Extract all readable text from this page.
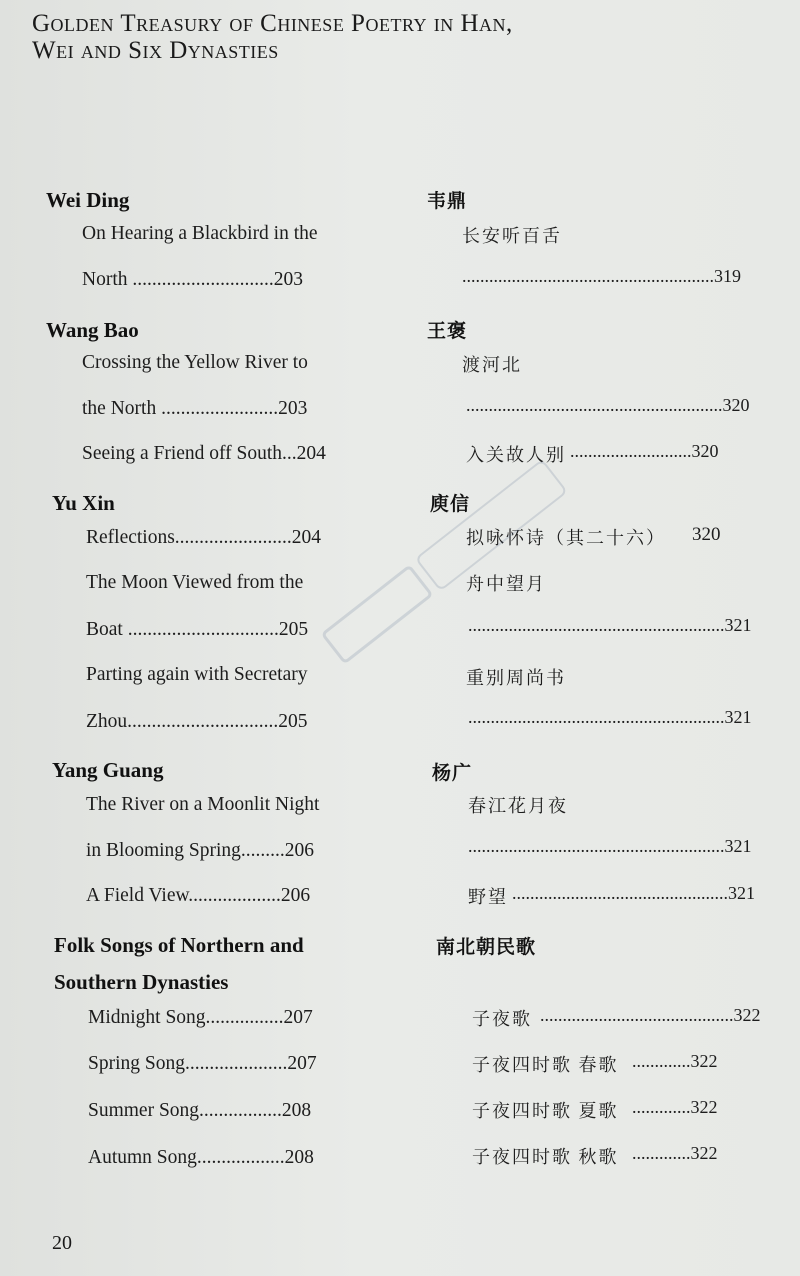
Golden Treasury of Chinese Poetry in Han,
Wei and Six Dynasties
Wei Ding
On Hearing a Blackbird in the
North .............................203
Wang Bao
Crossing the Yellow River to
the North ........................203
Seeing a Friend off South...204
Yu Xin
Reflections........................204
The Moon Viewed from the
Boat ...............................205
Parting again with Secretary
Zhou...............................205
Yang Guang
The River on a Moonlit Night
in Blooming Spring.........206
A Field View...................206
Folk Songs of Northern and
Southern Dynasties
Midnight Song................207
Spring Song.....................207
Summer Song.................208
Autumn Song..................208
韦鼎
长安听百舌
........................................................319
王褒
渡河北
.........................................................320
入关故人别 ...........................320
庾信
拟咏怀诗（其二十六） 320
舟中望月
.........................................................321
重别周尚书
.........................................................321
杨广
春江花月夜
.........................................................321
野望 ................................................321
南北朝民歌
子夜歌 ...........................................322
子夜四时歌 春歌 .............322
子夜四时歌 夏歌 .............322
子夜四时歌 秋歌 .............322
20
